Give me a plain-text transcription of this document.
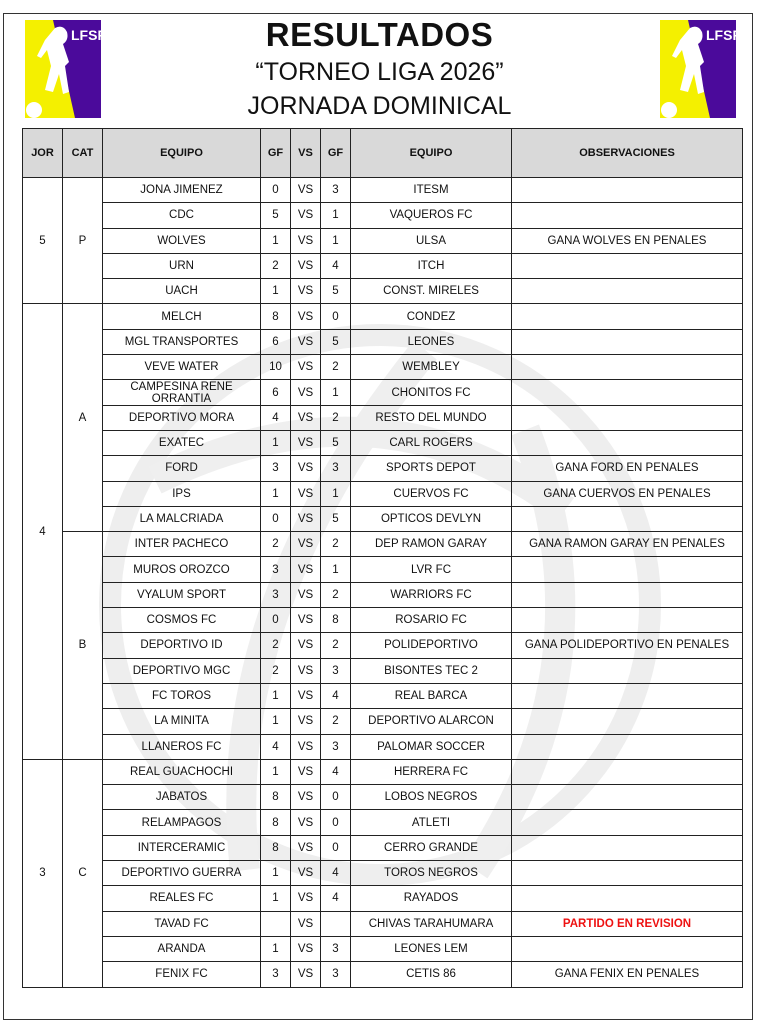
LFSF	LFSF
RESULTADOS
“TORNEO LIGA 2026”
JORNADA DOMINICAL
JOR	CAT	EQUIPO	GF	VS	GF	EQUIPO	OBSERVACIONES
5	P	JONA JIMENEZ	0	VS	3	ITESM	
		CDC	5	VS	1	VAQUEROS FC	
		WOLVES	1	VS	1	ULSA	GANA WOLVES EN PENALES
		URN	2	VS	4	ITCH	
		UACH	1	VS	5	CONST. MIRELES	
4	A	MELCH	8	VS	0	CONDEZ	
		MGL TRANSPORTES	6	VS	5	LEONES	
		VEVE WATER	10	VS	2	WEMBLEY	
		CAMPESINA RENE ORRANTIA	6	VS	1	CHONITOS FC	
		DEPORTIVO MORA	4	VS	2	RESTO DEL MUNDO	
		EXATEC	1	VS	5	CARL ROGERS	
		FORD	3	VS	3	SPORTS DEPOT	GANA FORD EN PENALES
		IPS	1	VS	1	CUERVOS FC	GANA CUERVOS EN PENALES
		LA MALCRIADA	0	VS	5	OPTICOS DEVLYN	
	B	INTER PACHECO	2	VS	2	DEP RAMON GARAY	GANA RAMON GARAY EN PENALES
		MUROS OROZCO	3	VS	1	LVR FC	
		VYALUM SPORT	3	VS	2	WARRIORS FC	
		COSMOS FC	0	VS	8	ROSARIO FC	
		DEPORTIVO ID	2	VS	2	POLIDEPORTIVO	GANA POLIDEPORTIVO EN PENALES
		DEPORTIVO MGC	2	VS	3	BISONTES TEC 2	
		FC TOROS	1	VS	4	REAL BARCA	
		LA MINITA	1	VS	2	DEPORTIVO ALARCON	
		LLANEROS FC	4	VS	3	PALOMAR SOCCER	
3	C	REAL GUACHOCHI	1	VS	4	HERRERA FC	
		JABATOS	8	VS	0	LOBOS NEGROS	
		RELAMPAGOS	8	VS	0	ATLETI	
		INTERCERAMIC	8	VS	0	CERRO GRANDE	
		DEPORTIVO GUERRA	1	VS	4	TOROS NEGROS	
		REALES FC	1	VS	4	RAYADOS	
		TAVAD FC		VS		CHIVAS TARAHUMARA	PARTIDO EN REVISION
		ARANDA	1	VS	3	LEONES LEM	
		FENIX FC	3	VS	3	CETIS 86	GANA FENIX EN PENALES
